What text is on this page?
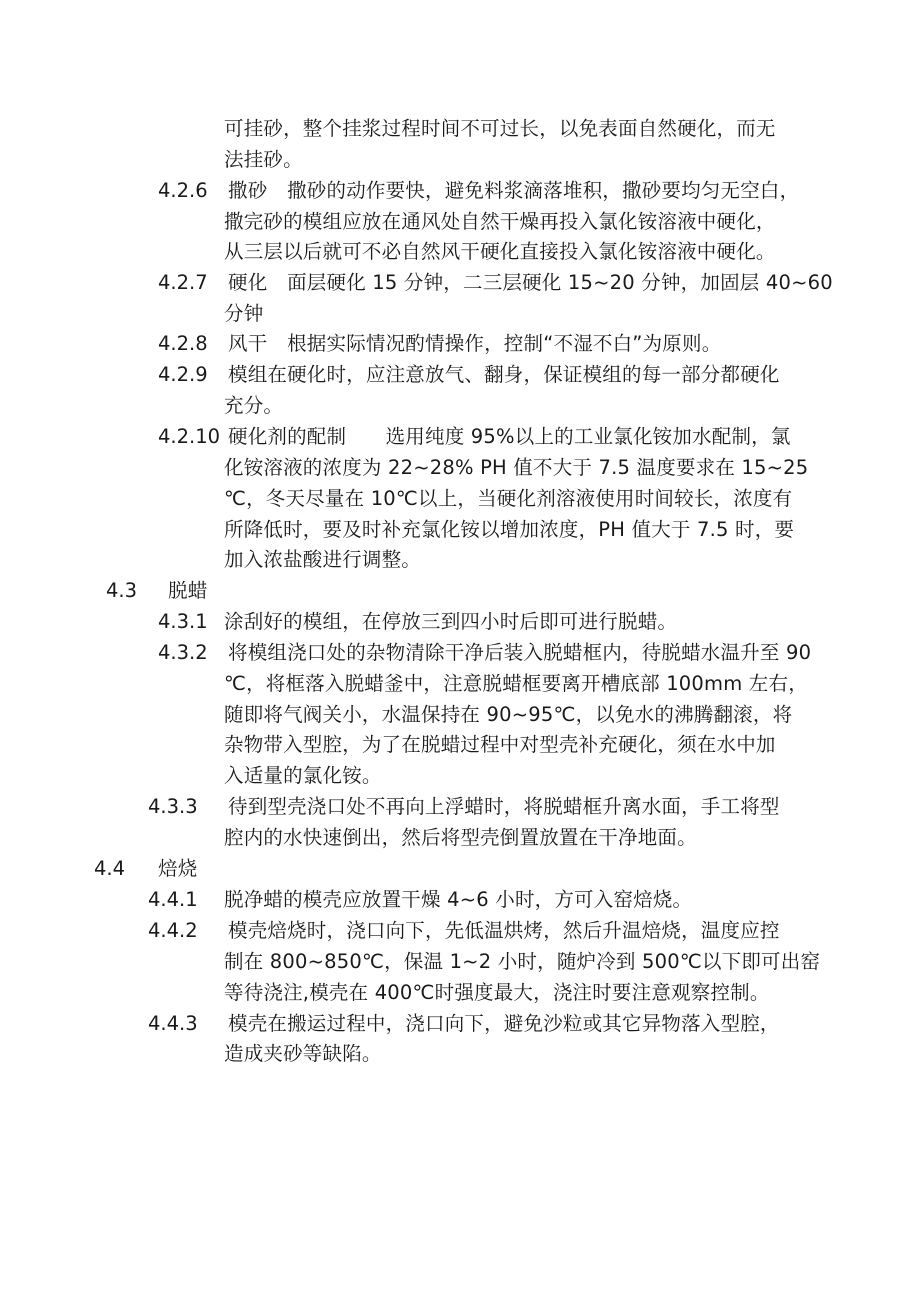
4.2.6
4.2.7
4.2.8
4.2.9
4.2.10
4.3
4.3.1
4.3.2
4.3.3
4.4
4.4.1
4.4.2
4.4.3
可挂砂，整个挂浆过程时间不可过长，以免表面自然硬化，而无
法挂砂。
撒砂　撒砂的动作要快，避免料浆滴落堆积，撒砂要均匀无空白，
撒完砂的模组应放在通风处自然干燥再投入氯化铵溶液中硬化，
从三层以后就可不必自然风干硬化直接投入氯化铵溶液中硬化。
硬化　面层硬化 15 分钟，二三层硬化 15~20 分钟，加固层 40~60
分钟
风干　根据实际情况酌情操作，控制“不湿不白”为原则。
模组在硬化时，应注意放气、翻身，保证模组的每一部分都硬化
充分。
硬化剂的配制　　选用纯度 95%以上的工业氯化铵加水配制，氯
化铵溶液的浓度为 22~28% PH 值不大于 7.5 温度要求在 15~25
℃，冬天尽量在 10℃以上，当硬化剂溶液使用时间较长，浓度有
所降低时，要及时补充氯化铵以增加浓度，PH 值大于 7.5 时，要
加入浓盐酸进行调整。
脱蜡
涂刮好的模组，在停放三到四小时后即可进行脱蜡。
将模组浇口处的杂物清除干净后装入脱蜡框内，待脱蜡水温升至 90
℃，将框落入脱蜡釜中，注意脱蜡框要离开槽底部 100mm 左右，
随即将气阀关小，水温保持在 90~95℃，以免水的沸腾翻滚，将
杂物带入型腔，为了在脱蜡过程中对型壳补充硬化，须在水中加
入适量的氯化铵。
待到型壳浇口处不再向上浮蜡时，将脱蜡框升离水面，手工将型
腔内的水快速倒出，然后将型壳倒置放置在干净地面。
焙烧
脱净蜡的模壳应放置干燥 4~6 小时，方可入窑焙烧。
模壳焙烧时，浇口向下，先低温烘烤，然后升温焙烧，温度应控
制在 800~850℃，保温 1~2 小时，随炉冷到 500℃以下即可出窑
等待浇注,模壳在 400℃时强度最大，浇注时要注意观察控制。
模壳在搬运过程中，浇口向下，避免沙粒或其它异物落入型腔，
造成夹砂等缺陷。
